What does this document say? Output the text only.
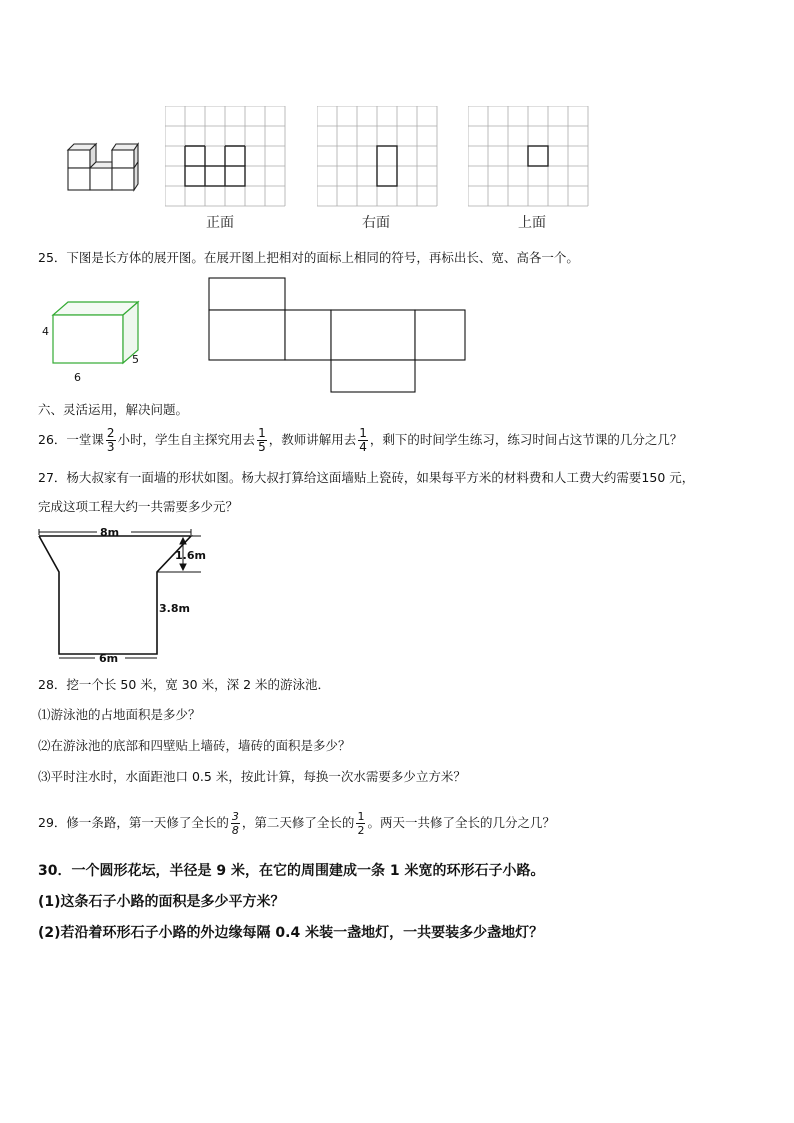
正面	右面	上面
25．下图是长方体的展开图。在展开图上把相对的面标上相同的符号，再标出长、宽、高各一个。
4
5
6
六、灵活运用，解决问题。
26．一堂课 $\frac{2}{3}$ 小时，学生自主探究用去 $\frac{1}{5}$ ，教师讲解用去 $\frac{1}{4}$ ，剩下的时间学生练习，练习时间占这节课的几分之几？
27．杨大叔家有一面墙的形状如图。杨大叔打算给这面墙贴上瓷砖，如果每平方米的材料费和人工费大约需要150 元，
完成这项工程大约一共需要多少元？
8m
1.6m
3.8m
6m
28．挖一个长 50 米，宽 30 米，深 2 米的游泳池．
⑴游泳池的占地面积是多少？
⑵在游泳池的底部和四壁贴上墙砖，墙砖的面积是多少？
⑶平时注水时，水面距池口 0.5 米，按此计算，每换一次水需要多少立方米？
29．修一条路，第一天修了全长的 $\frac{3}{8}$ ，第二天修了全长的 $\frac{1}{2}$ 。两天一共修了全长的几分之几？
30．一个圆形花坛，半径是 9 米，在它的周围建成一条 1 米宽的环形石子小路。
(1)这条石子小路的面积是多少平方米？
(2)若沿着环形石子小路的外边缘每隔 0.4 米装一盏地灯，一共要装多少盏地灯？
